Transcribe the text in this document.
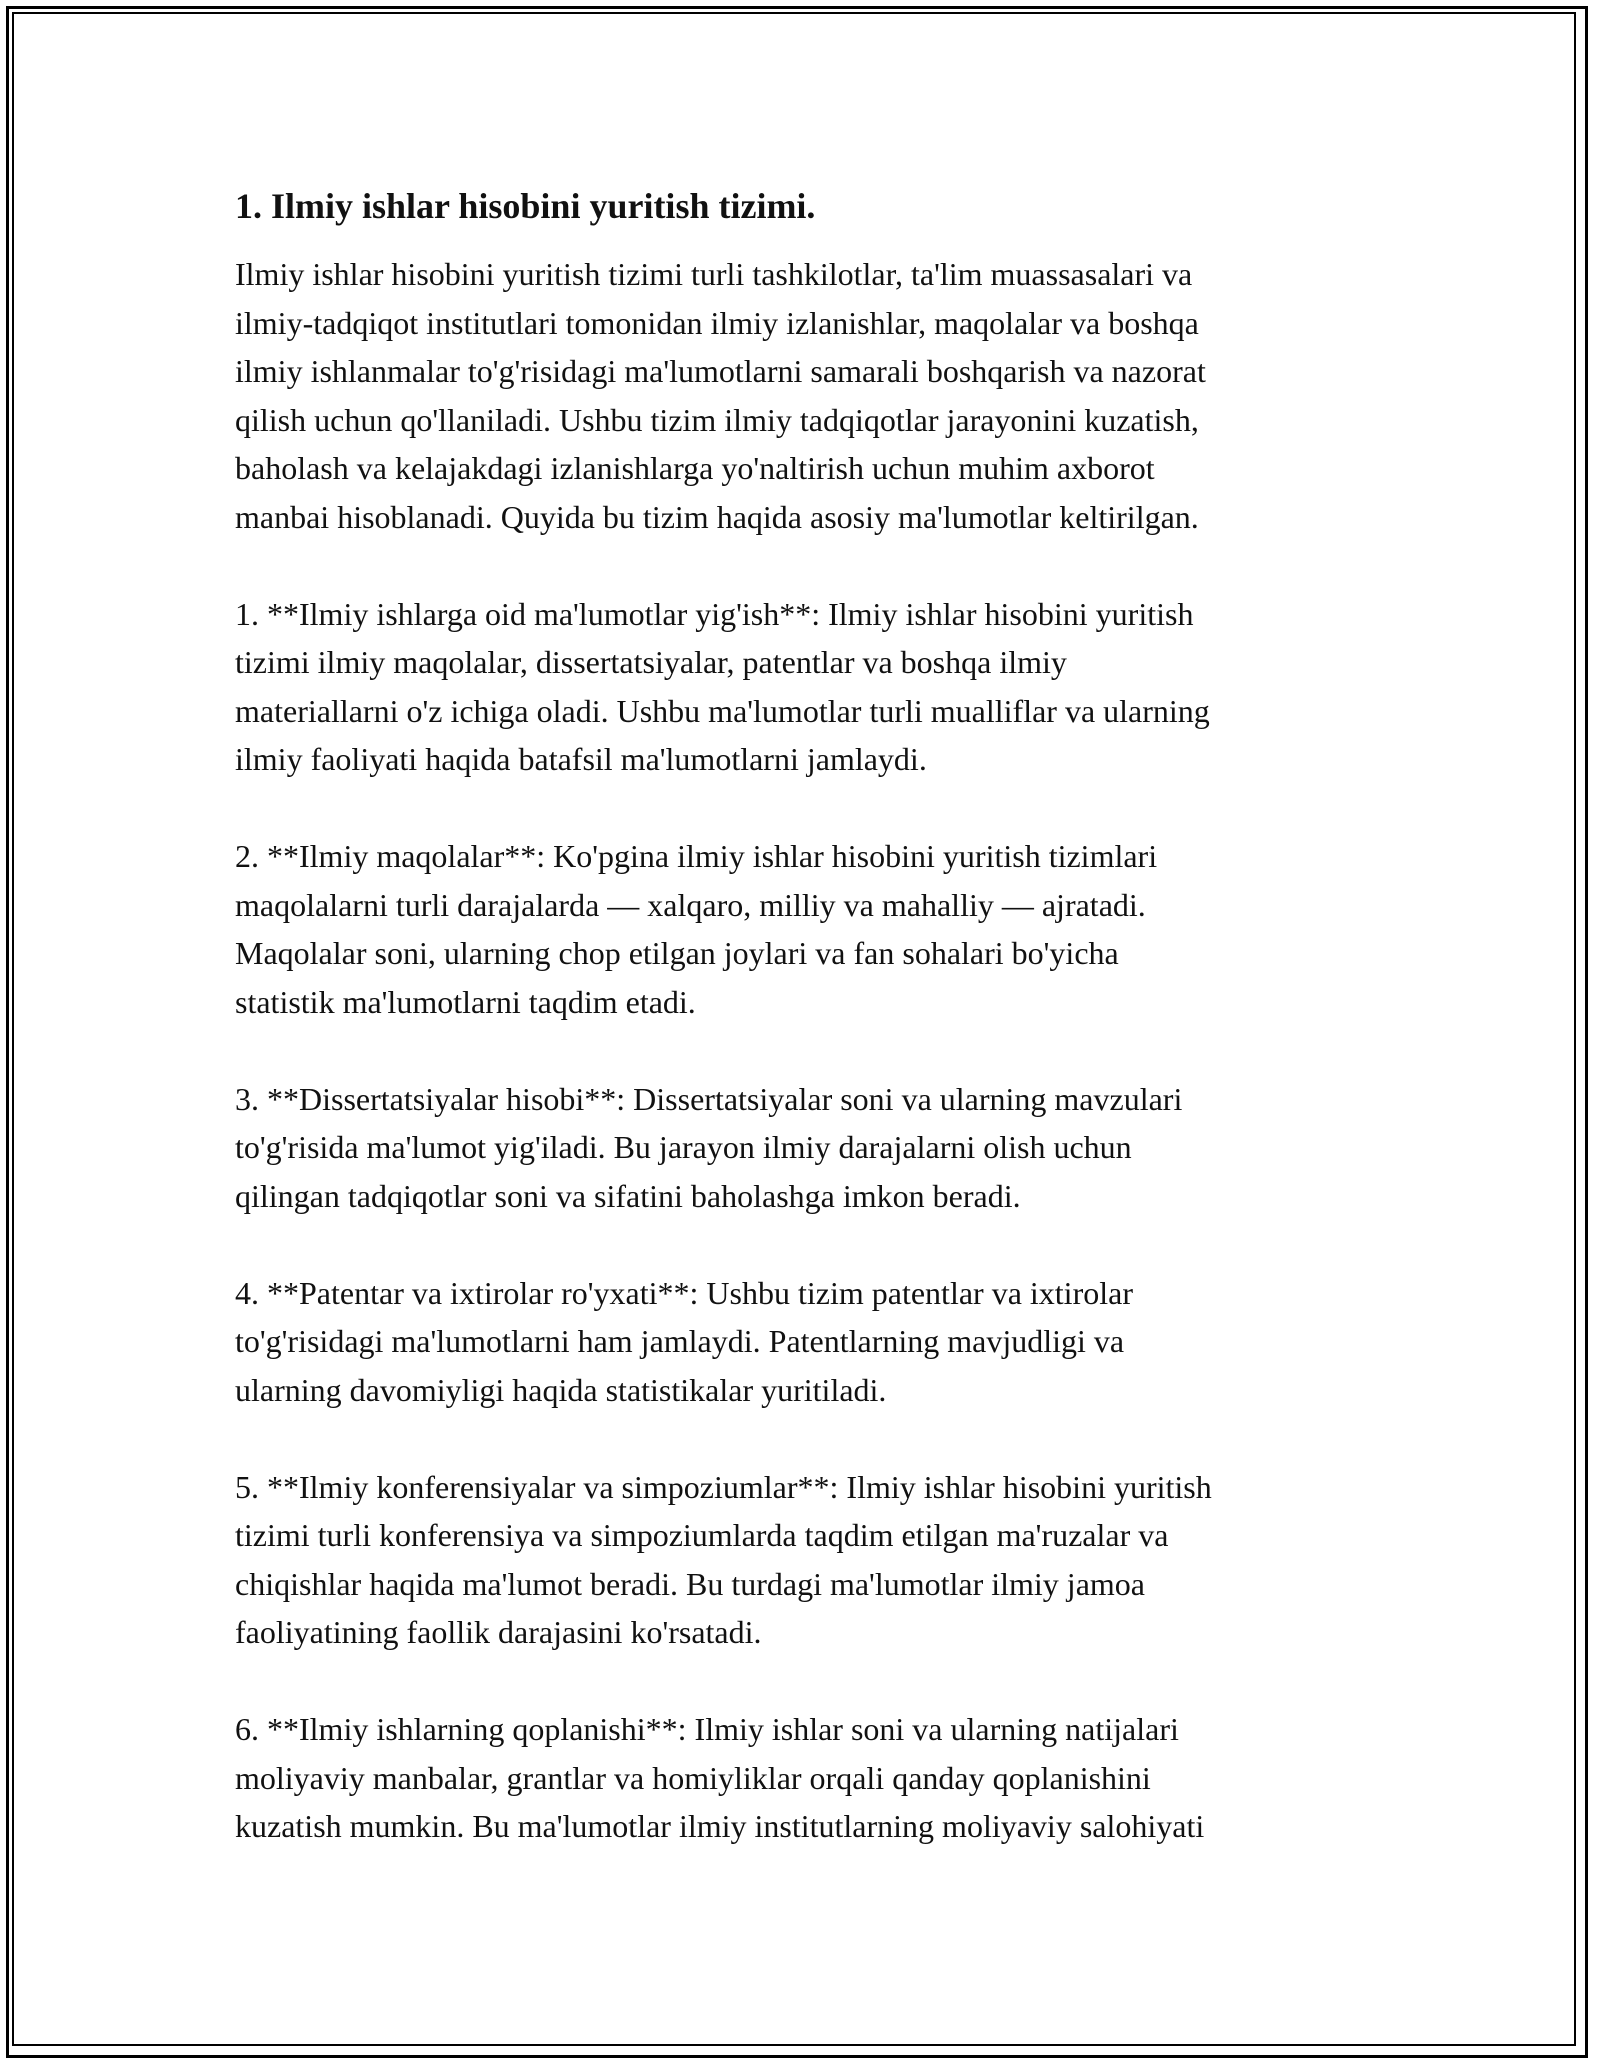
1. Ilmiy ishlar hisobini yuritish tizimi.

Ilmiy ishlar hisobini yuritish tizimi turli tashkilotlar, ta'lim muassasalari va
ilmiy-tadqiqot institutlari tomonidan ilmiy izlanishlar, maqolalar va boshqa
ilmiy ishlanmalar to'g'risidagi ma'lumotlarni samarali boshqarish va nazorat
qilish uchun qo'llaniladi. Ushbu tizim ilmiy tadqiqotlar jarayonini kuzatish,
baholash va kelajakdagi izlanishlarga yo'naltirish uchun muhim axborot
manbai hisoblanadi. Quyida bu tizim haqida asosiy ma'lumotlar keltirilgan.

1. **Ilmiy ishlarga oid ma'lumotlar yig'ish**: Ilmiy ishlar hisobini yuritish
tizimi ilmiy maqolalar, dissertatsiyalar, patentlar va boshqa ilmiy
materiallarni o'z ichiga oladi. Ushbu ma'lumotlar turli mualliflar va ularning
ilmiy faoliyati haqida batafsil ma'lumotlarni jamlaydi.

2. **Ilmiy maqolalar**: Ko'pgina ilmiy ishlar hisobini yuritish tizimlari
maqolalarni turli darajalarda — xalqaro, milliy va mahalliy — ajratadi.
Maqolalar soni, ularning chop etilgan joylari va fan sohalari bo'yicha
statistik ma'lumotlarni taqdim etadi.

3. **Dissertatsiyalar hisobi**: Dissertatsiyalar soni va ularning mavzulari
to'g'risida ma'lumot yig'iladi. Bu jarayon ilmiy darajalarni olish uchun
qilingan tadqiqotlar soni va sifatini baholashga imkon beradi.

4. **Patentar va ixtirolar ro'yxati**: Ushbu tizim patentlar va ixtirolar
to'g'risidagi ma'lumotlarni ham jamlaydi. Patentlarning mavjudligi va
ularning davomiyligi haqida statistikalar yuritiladi.

5. **Ilmiy konferensiyalar va simpoziumlar**: Ilmiy ishlar hisobini yuritish
tizimi turli konferensiya va simpoziumlarda taqdim etilgan ma'ruzalar va
chiqishlar haqida ma'lumot beradi. Bu turdagi ma'lumotlar ilmiy jamoa
faoliyatining faollik darajasini ko'rsatadi.

6. **Ilmiy ishlarning qoplanishi**: Ilmiy ishlar soni va ularning natijalari
moliyaviy manbalar, grantlar va homiyliklar orqali qanday qoplanishini
kuzatish mumkin. Bu ma'lumotlar ilmiy institutlarning moliyaviy salohiyati
